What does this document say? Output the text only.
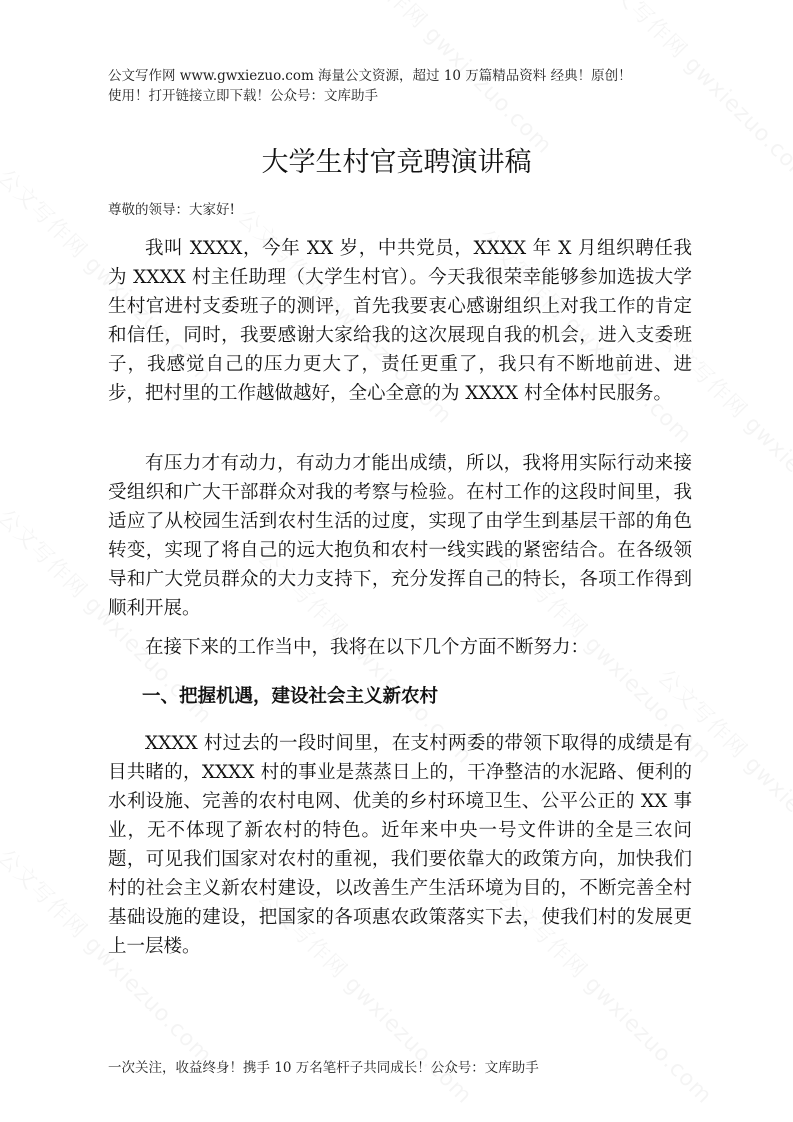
公文写作网 www.gwxiezuo.com 海量公文资源，超过 10 万篇精品资料 经典！原创！
使用！打开链接立即下载！公众号：文库助手
大学生村官竞聘演讲稿
尊敬的领导：大家好!

我叫 XXXX，今年 XX 岁，中共党员，XXXX 年 X 月组织聘任我为 XXXX 村主任助理（大学生村官）。今天我很荣幸能够参加选拔大学生村官进村支委班子的测评，首先我要衷心感谢组织上对我工作的肯定和信任，同时，我要感谢大家给我的这次展现自我的机会，进入支委班子，我感觉自己的压力更大了，责任更重了，我只有不断地前进、进步，把村里的工作越做越好，全心全意的为 XXXX 村全体村民服务。

有压力才有动力，有动力才能出成绩，所以，我将用实际行动来接受组织和广大干部群众对我的考察与检验。在村工作的这段时间里，我适应了从校园生活到农村生活的过度，实现了由学生到基层干部的角色转变，实现了将自己的远大抱负和农村一线实践的紧密结合。在各级领导和广大党员群众的大力支持下，充分发挥自己的特长，各项工作得到顺利开展。

在接下来的工作当中，我将在以下几个方面不断努力：

一、把握机遇，建设社会主义新农村

XXXX 村过去的一段时间里，在支村两委的带领下取得的成绩是有目共睹的，XXXX 村的事业是蒸蒸日上的，干净整洁的水泥路、便利的水利设施、完善的农村电网、优美的乡村环境卫生、公平公正的 XX 事业，无不体现了新农村的特色。近年来中央一号文件讲的全是三农问题，可见我们国家对农村的重视，我们要依靠大的政策方向，加快我们村的社会主义新农村建设，以改善生产生活环境为目的，不断完善全村基础设施的建设，把国家的各项惠农政策落实下去，使我们村的发展更上一层楼。

一次关注，收益终身！携手 10 万名笔杆子共同成长！公众号：文库助手
